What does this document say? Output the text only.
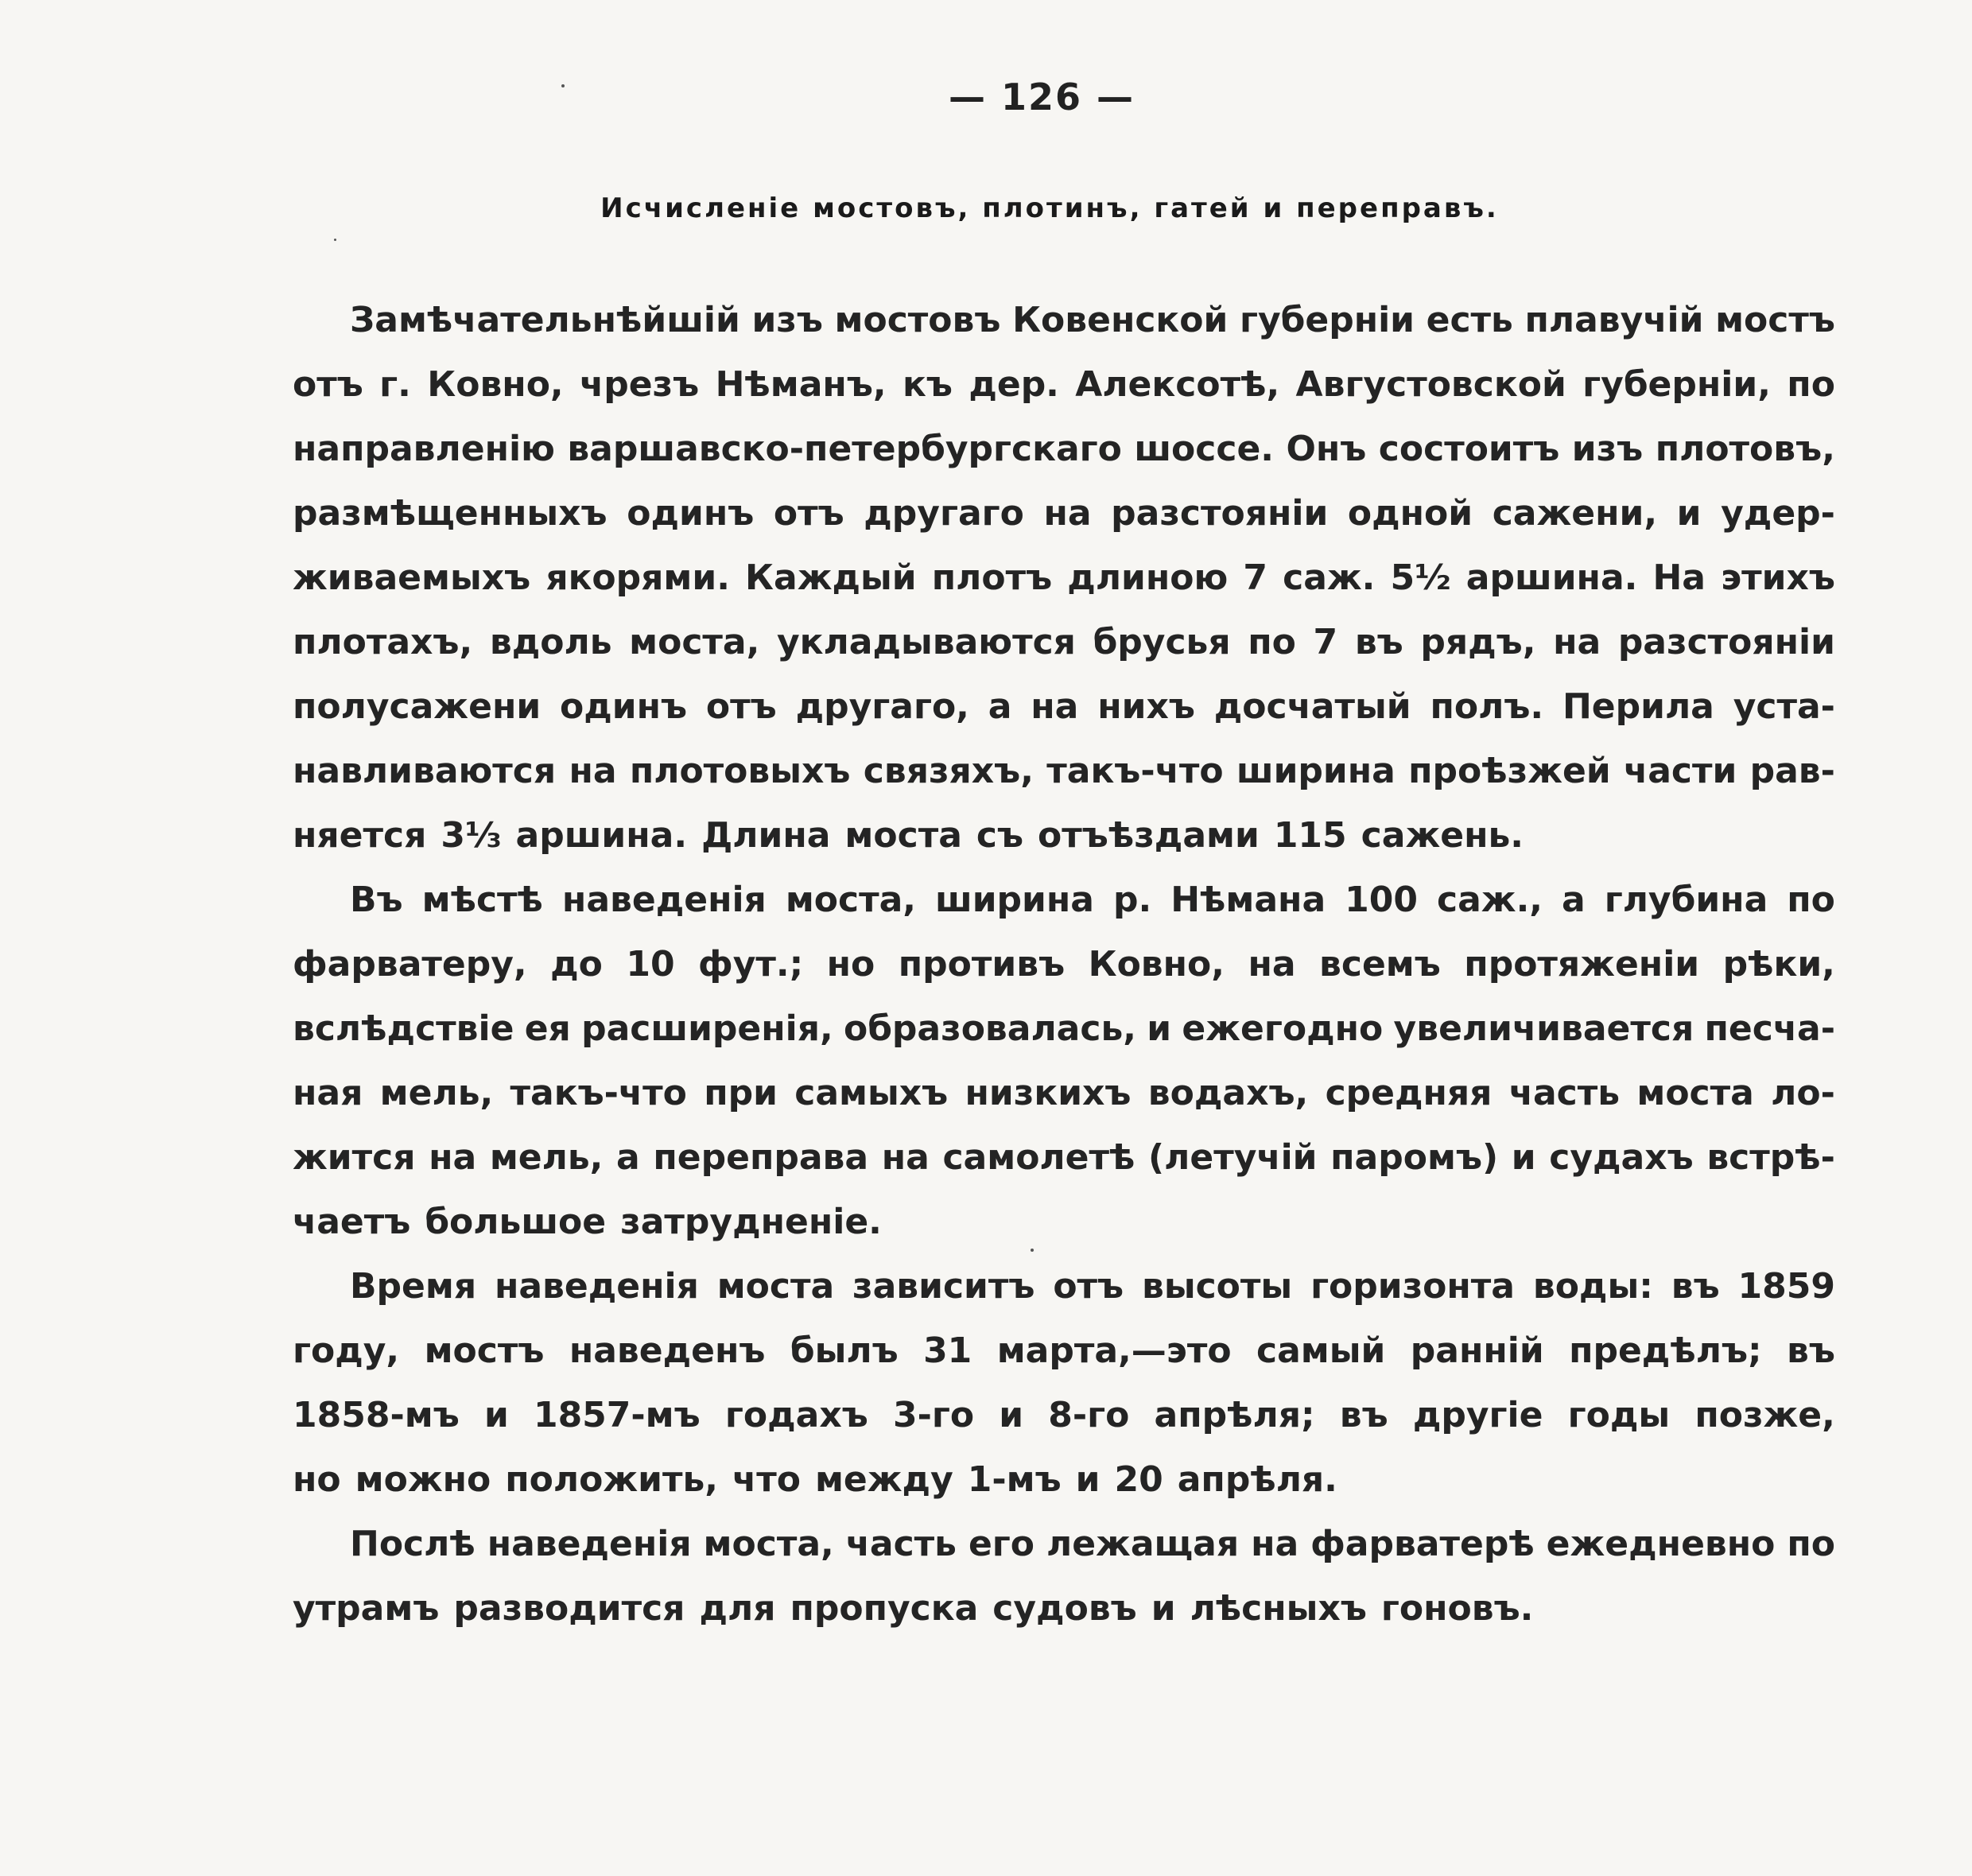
— 126 —
Исчисленіе мостовъ, плотинъ, гатей и переправъ.
Замѣчательнѣйшій изъ мостовъ Ковенской губерніи есть плавучій мостъ
отъ г. Ковно, чрезъ Нѣманъ, къ дер. Алексотѣ, Августовской губерніи, по
направленію варшавско-петербургскаго шоссе. Онъ состоитъ изъ плотовъ,
размѣщенныхъ одинъ отъ другаго на разстояніи одной сажени, и удер-
живаемыхъ якорями. Каждый плотъ длиною 7 саж. 5½ аршина. На этихъ
плотахъ, вдоль моста, укладываются брусья по 7 въ рядъ, на разстояніи
полусажени одинъ отъ другаго, а на нихъ досчатый полъ. Перила уста-
навливаются на плотовыхъ связяхъ, такъ-что ширина проѣзжей части рав-
няется 3⅓ аршина. Длина моста съ отъѣздами 115 сажень.
Въ мѣстѣ наведенія моста, ширина р. Нѣмана 100 саж., а глубина по
фарватеру, до 10 фут.; но противъ Ковно, на всемъ протяженіи рѣки,
вслѣдствіе ея расширенія, образовалась, и ежегодно увеличивается песча-
ная мель, такъ-что при самыхъ низкихъ водахъ, средняя часть моста ло-
жится на мель, а переправа на самолетѣ (летучій паромъ) и судахъ встрѣ-
чаетъ большое затрудненіе.
Время наведенія моста зависитъ отъ высоты горизонта воды: въ 1859
году, мостъ наведенъ былъ 31 марта,—это самый ранній предѣлъ; въ
1858-мъ и 1857-мъ годахъ 3-го и 8-го апрѣля; въ другіе годы позже,
но можно положить, что между 1-мъ и 20 апрѣля.
Послѣ наведенія моста, часть его лежащая на фарватерѣ ежедневно по
утрамъ разводится для пропуска судовъ и лѣсныхъ гоновъ.
